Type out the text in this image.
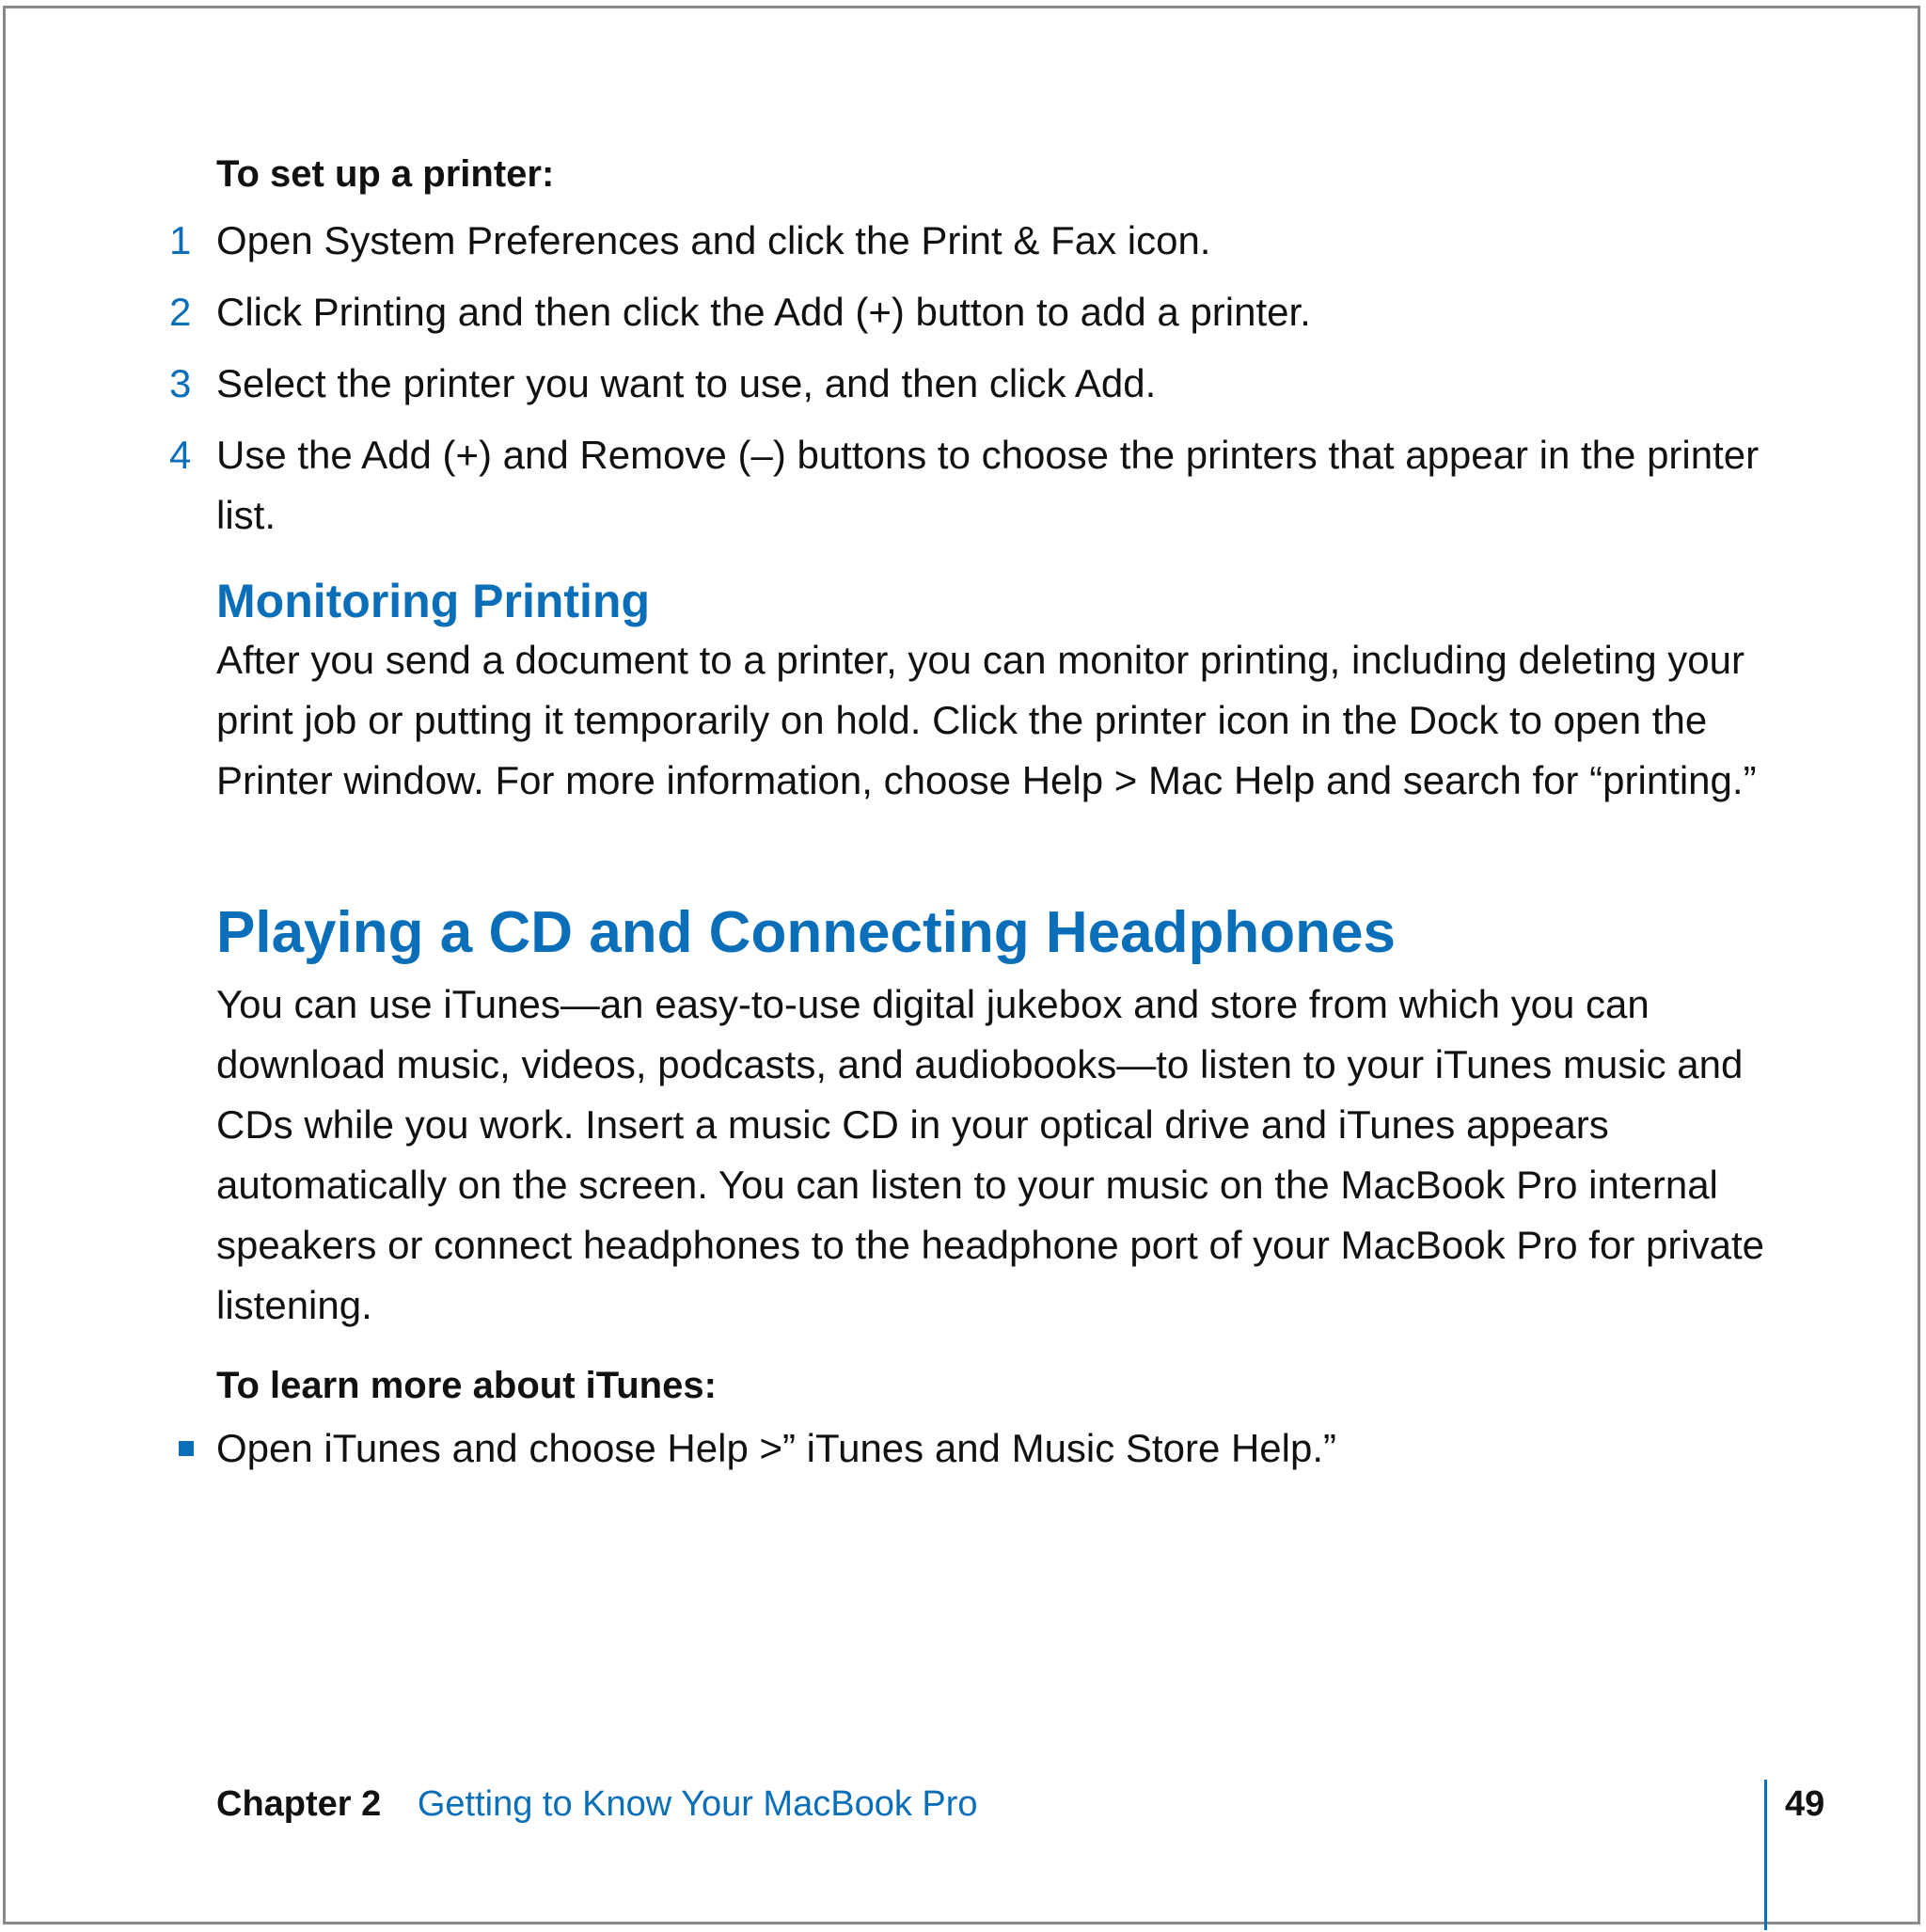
To set up a printer:
1 Open System Preferences and click the Print & Fax icon.
2 Click Printing and then click the Add (+) button to add a printer.
3 Select the printer you want to use, and then click Add.
4 Use the Add (+) and Remove (–) buttons to choose the printers that appear in the printer list.
Monitoring Printing

After you send a document to a printer, you can monitor printing, including deleting your print job or putting it temporarily on hold. Click the printer icon in the Dock to open the Printer window. For more information, choose Help > Mac Help and search for “printing.”

Playing a CD and Connecting Headphones

You can use iTunes—an easy-to-use digital jukebox and store from which you can download music, videos, podcasts, and audiobooks—to listen to your iTunes music and CDs while you work. Insert a music CD in your optical drive and iTunes appears automatically on the screen. You can listen to your music on the MacBook Pro internal speakers or connect headphones to the headphone port of your MacBook Pro for private listening.

To learn more about iTunes:
Open iTunes and choose Help >” iTunes and Music Store Help.”
Chapter 2 Getting to Know Your MacBook Pro	49
